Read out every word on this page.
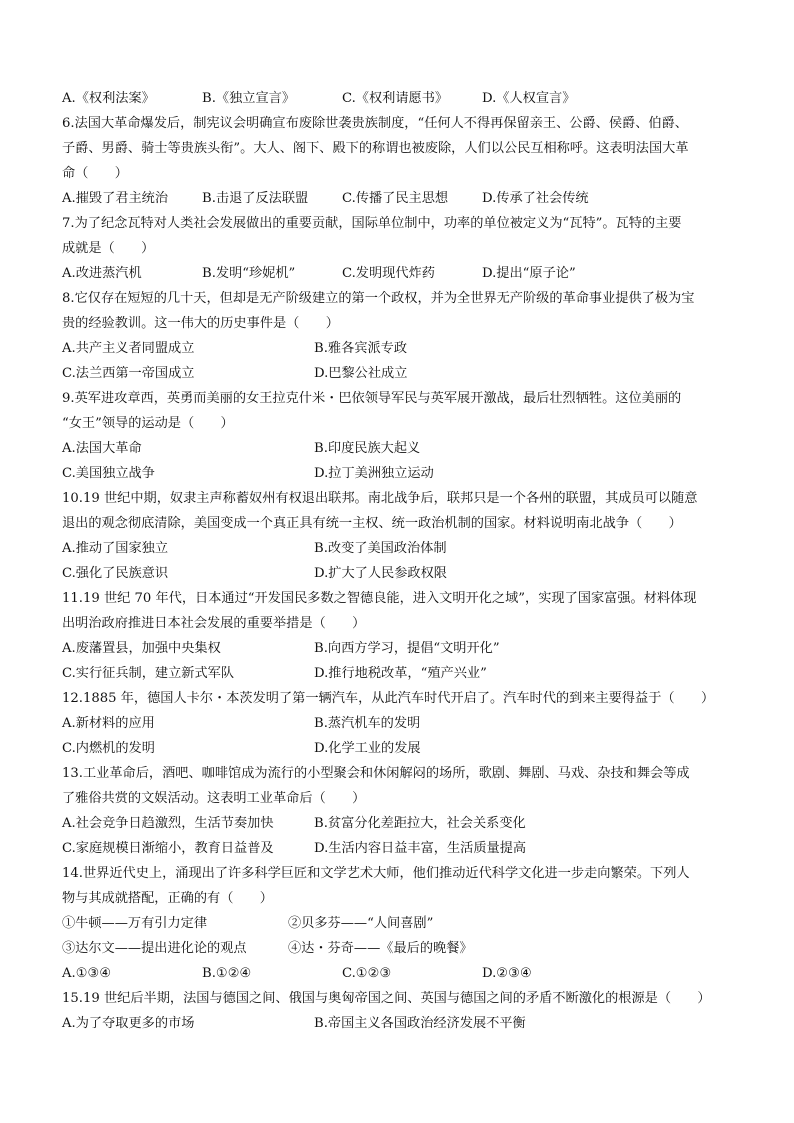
A.《权利法案》	B.《独立宣言》	C.《权利请愿书》	D.《人权宣言》
6.法国大革命爆发后，制宪议会明确宣布废除世袭贵族制度，“任何人不得再保留亲王、公爵、侯爵、伯爵、
子爵、男爵、骑士等贵族头衔”。大人、阁下、殿下的称谓也被废除，人们以公民互相称呼。这表明法国大革
命（　　）
A.摧毁了君主统治	B.击退了反法联盟	C.传播了民主思想	D.传承了社会传统
7.为了纪念瓦特对人类社会发展做出的重要贡献，国际单位制中，功率的单位被定义为“瓦特”。瓦特的主要
成就是（　　）
A.改进蒸汽机	B.发明“珍妮机”	C.发明现代炸药	D.提出“原子论”
8.它仅存在短短的几十天，但却是无产阶级建立的第一个政权，并为全世界无产阶级的革命事业提供了极为宝
贵的经验教训。这一伟大的历史事件是（　　）
A.共产主义者同盟成立	B.雅各宾派专政
C.法兰西第一帝国成立	D.巴黎公社成立
9.英军进攻章西，英勇而美丽的女王拉克什米・巴依领导军民与英军展开激战，最后壮烈牺牲。这位美丽的
“女王”领导的运动是（　　）
A.法国大革命	B.印度民族大起义
C.美国独立战争	D.拉丁美洲独立运动
10.19 世纪中期，奴隶主声称蓄奴州有权退出联邦。南北战争后，联邦只是一个各州的联盟，其成员可以随意
退出的观念彻底清除，美国变成一个真正具有统一主权、统一政治机制的国家。材料说明南北战争（　　）
A.推动了国家独立	B.改变了美国政治体制
C.强化了民族意识	D.扩大了人民参政权限
11.19 世纪 70 年代，日本通过“开发国民多数之智德良能，进入文明开化之域”，实现了国家富强。材料体现
出明治政府推进日本社会发展的重要举措是（　　）
A.废藩置县，加强中央集权	B.向西方学习，提倡“文明开化”
C.实行征兵制，建立新式军队	D.推行地税改革，“殖产兴业”
12.1885 年，德国人卡尔・本茨发明了第一辆汽车，从此汽车时代开启了。汽车时代的到来主要得益于（　　）
A.新材料的应用	B.蒸汽机车的发明
C.内燃机的发明	D.化学工业的发展
13.工业革命后，酒吧、咖啡馆成为流行的小型聚会和休闲解闷的场所，歌剧、舞剧、马戏、杂技和舞会等成
了雅俗共赏的文娱活动。这表明工业革命后（　　）
A.社会竞争日趋激烈，生活节奏加快	B.贫富分化差距拉大，社会关系变化
C.家庭规模日渐缩小，教育日益普及	D.生活内容日益丰富，生活质量提高
14.世界近代史上，涌现出了许多科学巨匠和文学艺术大师，他们推动近代科学文化进一步走向繁荣。下列人
物与其成就搭配，正确的有（　　）
①牛顿——万有引力定律	②贝多芬——“人间喜剧”
③达尔文——提出进化论的观点	④达・芬奇——《最后的晚餐》
A.①③④	B.①②④	C.①②③	D.②③④
15.19 世纪后半期，法国与德国之间、俄国与奥匈帝国之间、英国与德国之间的矛盾不断激化的根源是（　　）
A.为了夺取更多的市场	B.帝国主义各国政治经济发展不平衡
